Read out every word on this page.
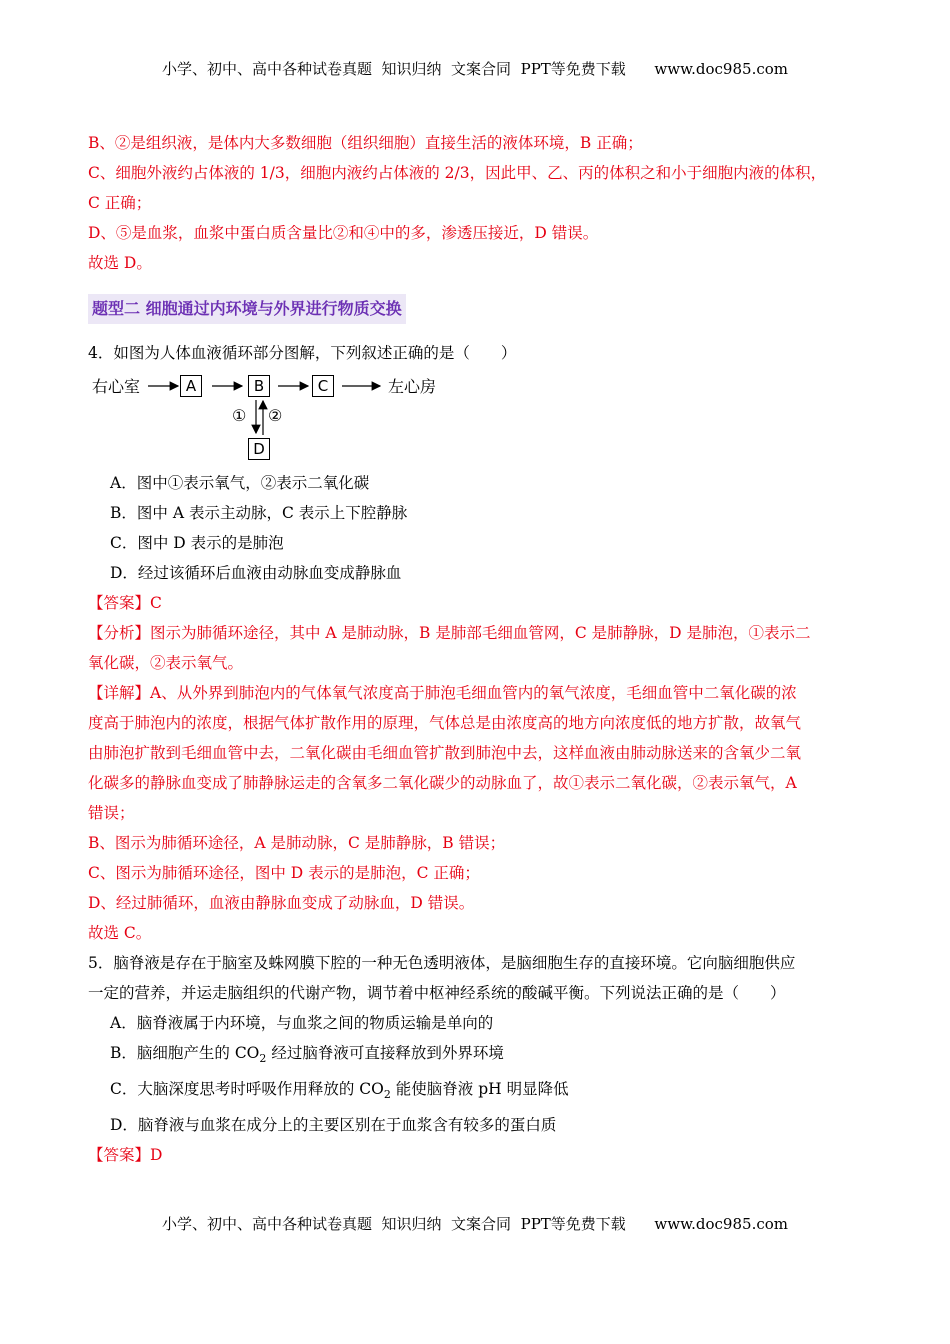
小学、初中、高中各种试卷真题  知识归纳  文案合同  PPT等免费下载      www.doc985.com
B、②是组织液，是体内大多数细胞（组织细胞）直接生活的液体环境，B 正确；
C、细胞外液约占体液的 1/3，细胞内液约占体液的 2/3，因此甲、乙、丙的体积之和小于细胞内液的体积，
C 正确；
D、⑤是血浆，血浆中蛋白质含量比②和④中的多，渗透压接近，D 错误。
故选 D。
题型二 细胞通过内环境与外界进行物质交换
4．如图为人体血液循环部分图解，下列叙述正确的是（　　）
右心室	A	B	C	左心房
① ②
D
A．图中①表示氧气，②表示二氧化碳
B．图中 A 表示主动脉，C 表示上下腔静脉
C．图中 D 表示的是肺泡
D．经过该循环后血液由动脉血变成静脉血
【答案】C
【分析】图示为肺循环途径，其中 A 是肺动脉，B 是肺部毛细血管网，C 是肺静脉，D 是肺泡，①表示二
氧化碳，②表示氧气。
【详解】A、从外界到肺泡内的气体氧气浓度高于肺泡毛细血管内的氧气浓度，毛细血管中二氧化碳的浓
度高于肺泡内的浓度，根据气体扩散作用的原理，气体总是由浓度高的地方向浓度低的地方扩散，故氧气
由肺泡扩散到毛细血管中去，二氧化碳由毛细血管扩散到肺泡中去，这样血液由肺动脉送来的含氧少二氧
化碳多的静脉血变成了肺静脉运走的含氧多二氧化碳少的动脉血了，故①表示二氧化碳，②表示氧气，A
错误；
B、图示为肺循环途径，A 是肺动脉，C 是肺静脉，B 错误；
C、图示为肺循环途径，图中 D 表示的是肺泡，C 正确；
D、经过肺循环，血液由静脉血变成了动脉血，D 错误。
故选 C。
5．脑脊液是存在于脑室及蛛网膜下腔的一种无色透明液体，是脑细胞生存的直接环境。它向脑细胞供应
一定的营养，并运走脑组织的代谢产物，调节着中枢神经系统的酸碱平衡。下列说法正确的是（　　）
A．脑脊液属于内环境，与血浆之间的物质运输是单向的
B．脑细胞产生的 $CO_2$ 经过脑脊液可直接释放到外界环境
C．大脑深度思考时呼吸作用释放的 $CO_2$ 能使脑脊液 pH 明显降低
D．脑脊液与血浆在成分上的主要区别在于血浆含有较多的蛋白质
【答案】D
小学、初中、高中各种试卷真题  知识归纳  文案合同  PPT等免费下载      www.doc985.com
